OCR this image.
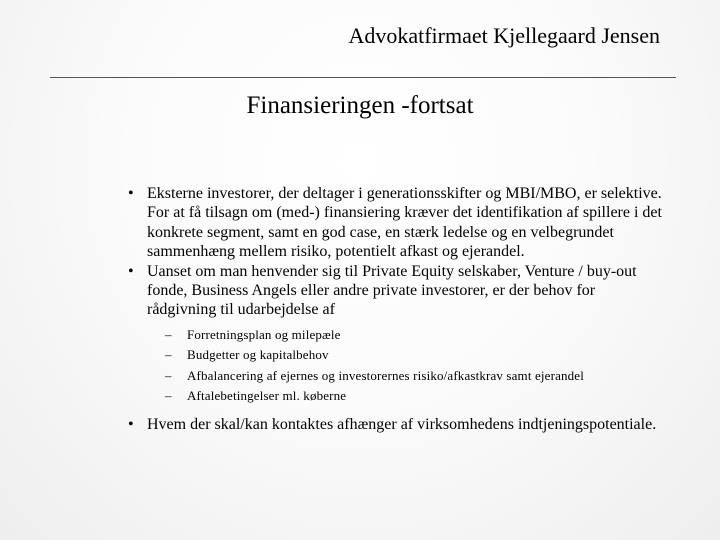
Advokatfirmaet Kjellegaard Jensen
Finansieringen -fortsat
• Eksterne investorer, der deltager i generationsskifter og MBI/MBO, er selektive. For at få tilsagn om (med-) finansiering kræver det identifikation af spillere i det konkrete segment, samt en god case, en stærk ledelse og en velbegrundet sammenhæng mellem risiko, potentielt afkast og ejerandel.
• Uanset om man henvender sig til Private Equity selskaber, Venture / buy-out fonde, Business Angels eller andre private investorer, er der behov for rådgivning til udarbejdelse af
– Forretningsplan og milepæle
– Budgetter og kapitalbehov
– Afbalancering af ejernes og investorernes risiko/afkastkrav samt ejerandel
– Aftalebetingelser ml. køberne
• Hvem der skal/kan kontaktes afhænger af virksomhedens indtjeningspotentiale.
